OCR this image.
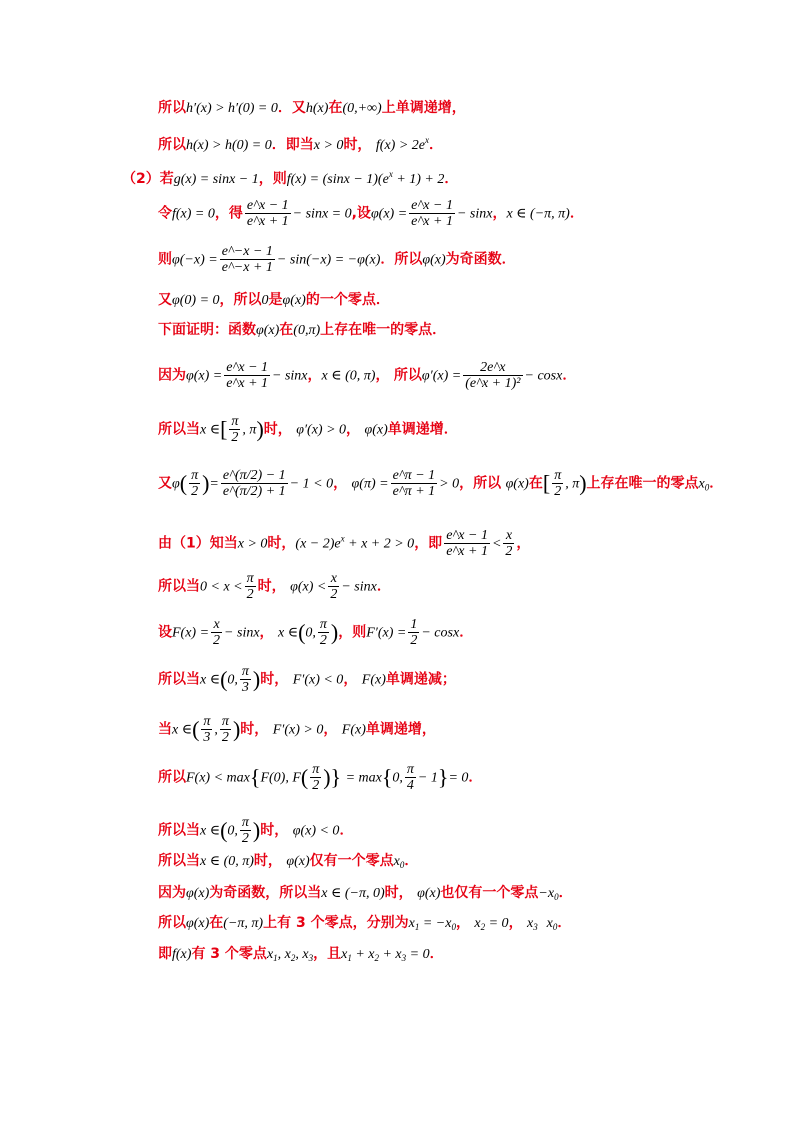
所以h′(x) > h′(0) = 0．又h(x)在(0,+∞)上单调递增，
所以h(x) > h(0) = 0．即当x > 0时， $f(x) > 2e^x$．
（2）若g(x) = sinx − 1，则$f(x) = (\sin x - 1)(e^x + 1) + 2$．
令f(x) = 0，得 $\frac{e\^{}x - 1}{e\^{}x + 1} - \sin x = 0$,设$\varphi(x) = \frac{e\^{}x - 1}{e\^{}x + 1} - \sin x$，x ∈ (−π, π)．
则$\varphi(-x) = \frac{e\^{}-x - 1}{e\^{}-x + 1} - \sin(-x) = -\varphi(x)$．所以φ(x)为奇函数．
又φ(0) = 0，所以0是φ(x)的一个零点．
下面证明：函数φ(x)在(0,π)上存在唯一的零点．
因为$\varphi(x) = \frac{e\^{}x - 1}{e\^{}x + 1} - \sin x$，x ∈ (0, π)， 所以$\varphi'(x) = \frac{2e\^{}x}{\text{(e\textasciicircum{}x + 1)²}} - \cos x$．
所以当x ∈[ $\frac{\pi}{2}$ , π)时， φ′(x) > 0， φ(x)单调递增．
又$\varphi( \frac{\pi}{2}$ )= $\frac{e\^{}(\pi/2) - 1}{e\^{}(\pi/2) + 1} - 1 < 0$， $\varphi(\pi) = \frac{e\^{}\pi - 1}{e\^{}\pi + 1} > 0$，所以 φ(x)在[ $\frac{\pi}{2}$ , π)上存在唯一的零点$x_0$．
由（1）知当x > 0时，$(x - 2)e^x + x + 2 > 0$，即 $\frac{e\^{}x - 1}{e\^{}x + 1} < \frac{x}{2}$ ，
所以当$0 < x < \frac{\pi}{2}$ 时， $\varphi(x) < \frac{x}{2} - \sin x$．
设$F(x) = \frac{x}{2} - \sin x$， x ∈(0, $\frac{\pi}{2}$ )，则$F'(x) = \frac{1}{2} - \cos x$．
所以当x ∈(0, $\frac{\pi}{3}$ )时， F′(x) < 0， F(x)单调递减；
当x ∈( $\frac{\pi}{3}$ , $\frac{\pi}{2}$ )时， F′(x) > 0， F(x)单调递增，
所以F(x) < max{F(0), $F( \frac{\pi}{2}$ )} = max{0, $\frac{\pi}{4} - 1\}= 0$．
所以当x ∈(0, $\frac{\pi}{2}$ )时， φ(x) < 0．
所以当x ∈ (0, π)时， φ(x)仅有一个零点$x_0$．
因为φ(x)为奇函数，所以当x ∈ (−π, 0)时， φ(x)也仅有一个零点$-x_0$．
所以φ(x)在(−π, π)上有 3 个零点，分别为$x_1 = -x_0$， $x_2 = 0$， $x_3$ $x_0$．
即f(x)有 3 个零点$x_1$, $x_2$, $x_3$，且$x_1 + x_2 + x_3 = 0$．
